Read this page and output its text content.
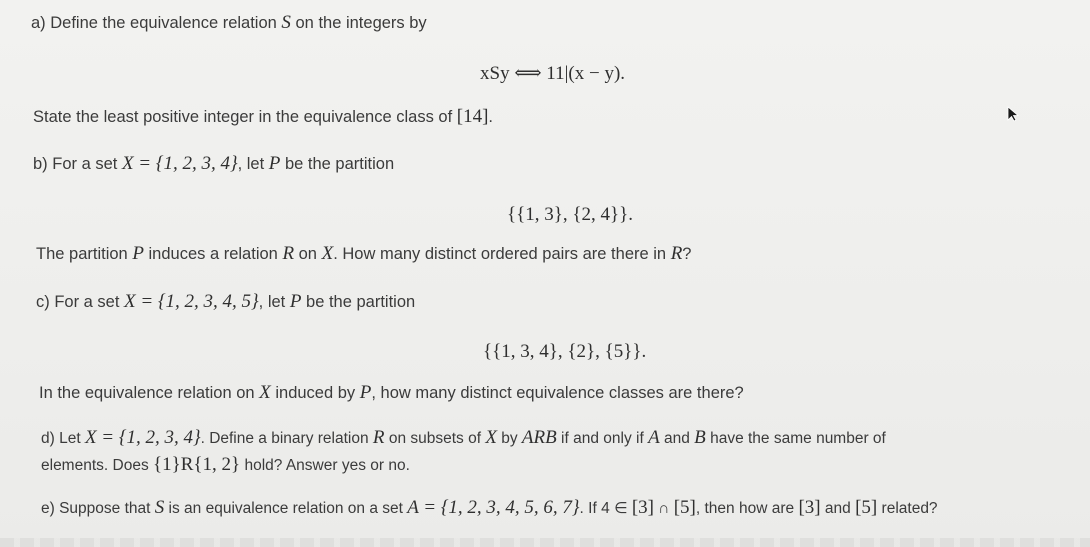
a) Define the equivalence relation S on the integers by
xSy ⟺ 11|(x − y).
State the least positive integer in the equivalence class of [14].
b) For a set X = {1, 2, 3, 4}, let P be the partition
{{1, 3}, {2, 4}}.
The partition P induces a relation R on X. How many distinct ordered pairs are there in R?
c) For a set X = {1, 2, 3, 4, 5}, let P be the partition
{{1, 3, 4}, {2}, {5}}.
In the equivalence relation on X induced by P, how many distinct equivalence classes are there?
d) Let X = {1, 2, 3, 4}. Define a binary relation R on subsets of X by ARB if and only if A and B have the same number of
elements. Does {1}R{1, 2} hold? Answer yes or no.
e) Suppose that S is an equivalence relation on a set A = {1, 2, 3, 4, 5, 6, 7}. If 4 ∈ [3] ∩ [5], then how are [3] and [5] related?
